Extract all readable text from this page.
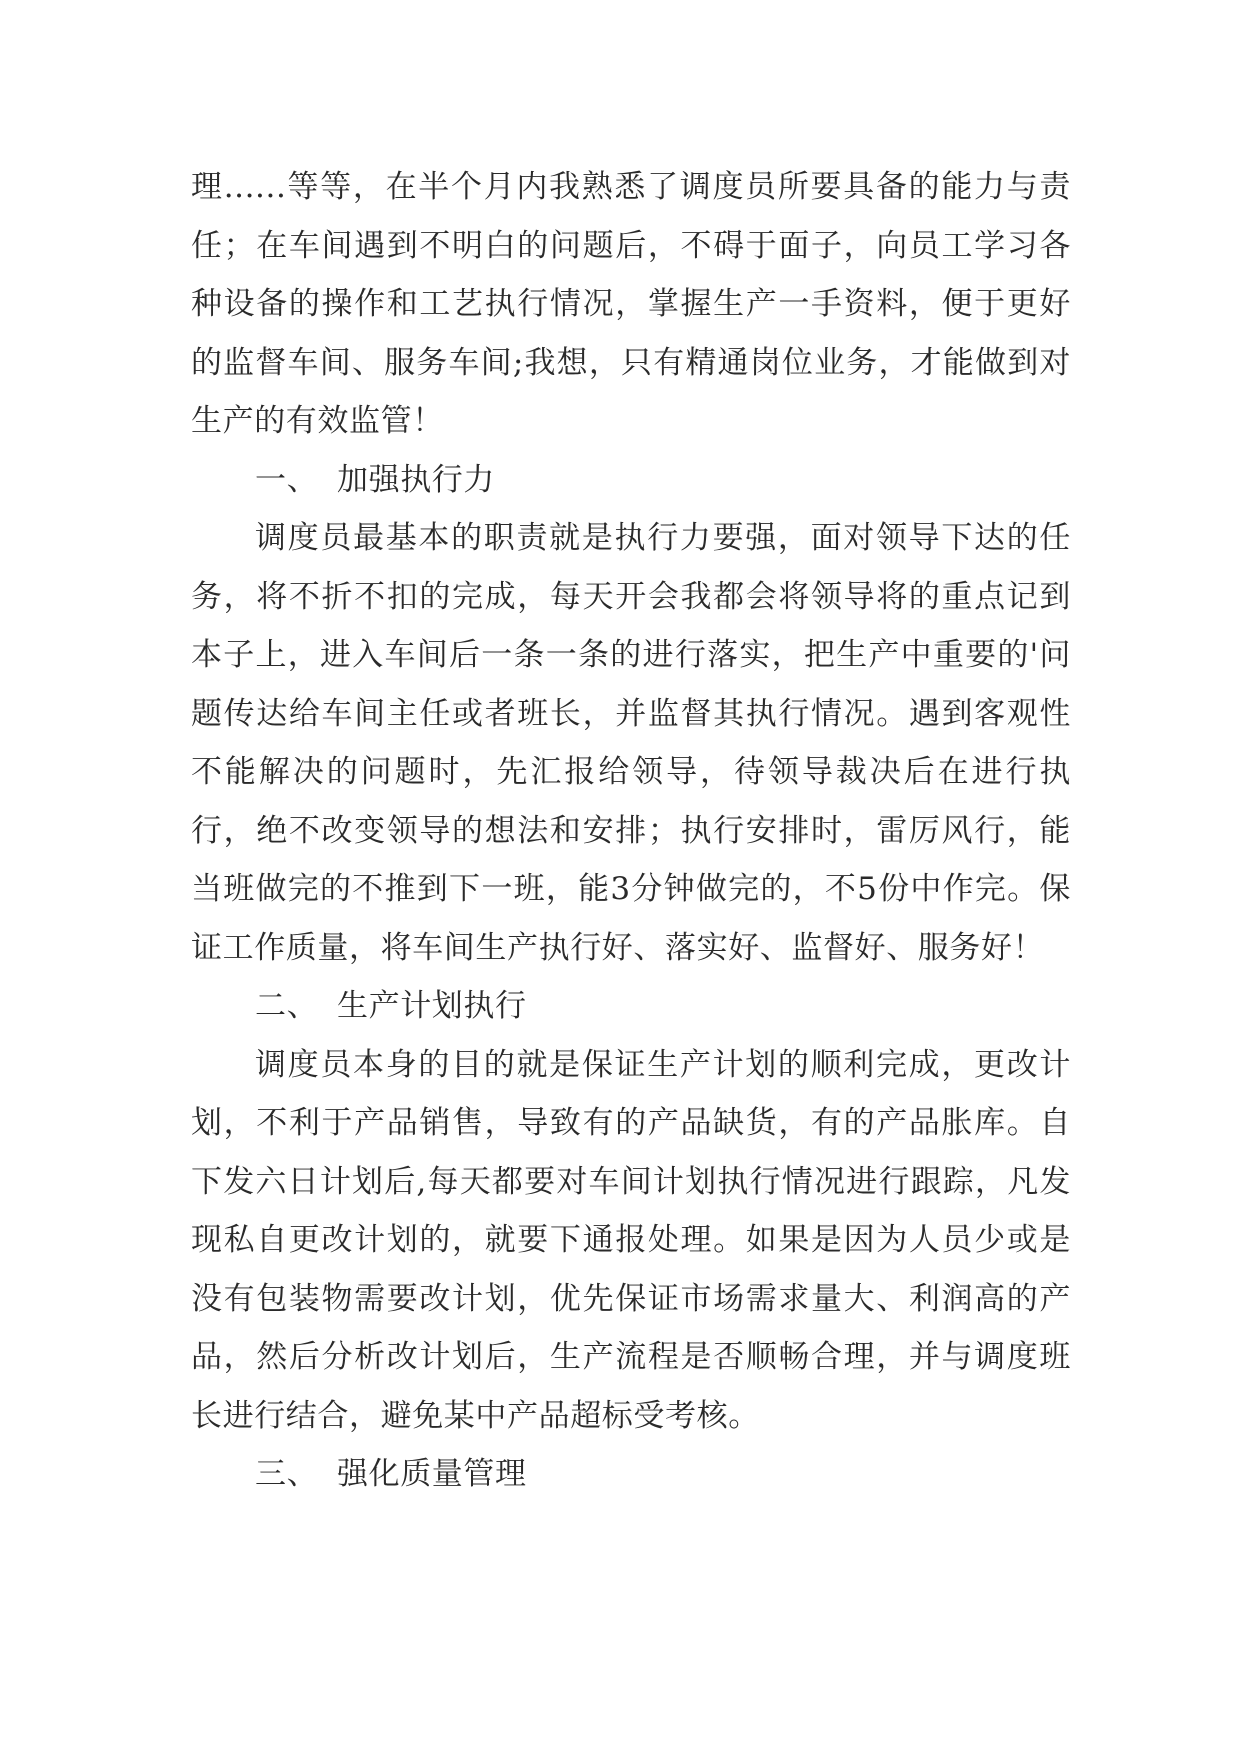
理......等等，在半个月内我熟悉了调度员所要具备的能力与责任；在车间遇到不明白的问题后，不碍于面子，向员工学习各种设备的操作和工艺执行情况，掌握生产一手资料，便于更好的监督车间、服务车间;我想，只有精通岗位业务，才能做到对生产的有效监管！

一、 加强执行力

调度员最基本的职责就是执行力要强，面对领导下达的任务，将不折不扣的完成，每天开会我都会将领导将的重点记到本子上，进入车间后一条一条的进行落实，把生产中重要的'问题传达给车间主任或者班长，并监督其执行情况。遇到客观性不能解决的问题时，先汇报给领导，待领导裁决后在进行执行，绝不改变领导的想法和安排；执行安排时，雷厉风行，能当班做完的不推到下一班，能3分钟做完的，不5份中作完。保证工作质量，将车间生产执行好、落实好、监督好、服务好！

二、 生产计划执行

调度员本身的目的就是保证生产计划的顺利完成，更改计划，不利于产品销售，导致有的产品缺货，有的产品胀库。自下发六日计划后,每天都要对车间计划执行情况进行跟踪，凡发现私自更改计划的，就要下通报处理。如果是因为人员少或是没有包装物需要改计划，优先保证市场需求量大、利润高的产品，然后分析改计划后，生产流程是否顺畅合理，并与调度班长进行结合，避免某中产品超标受考核。

三、 强化质量管理
